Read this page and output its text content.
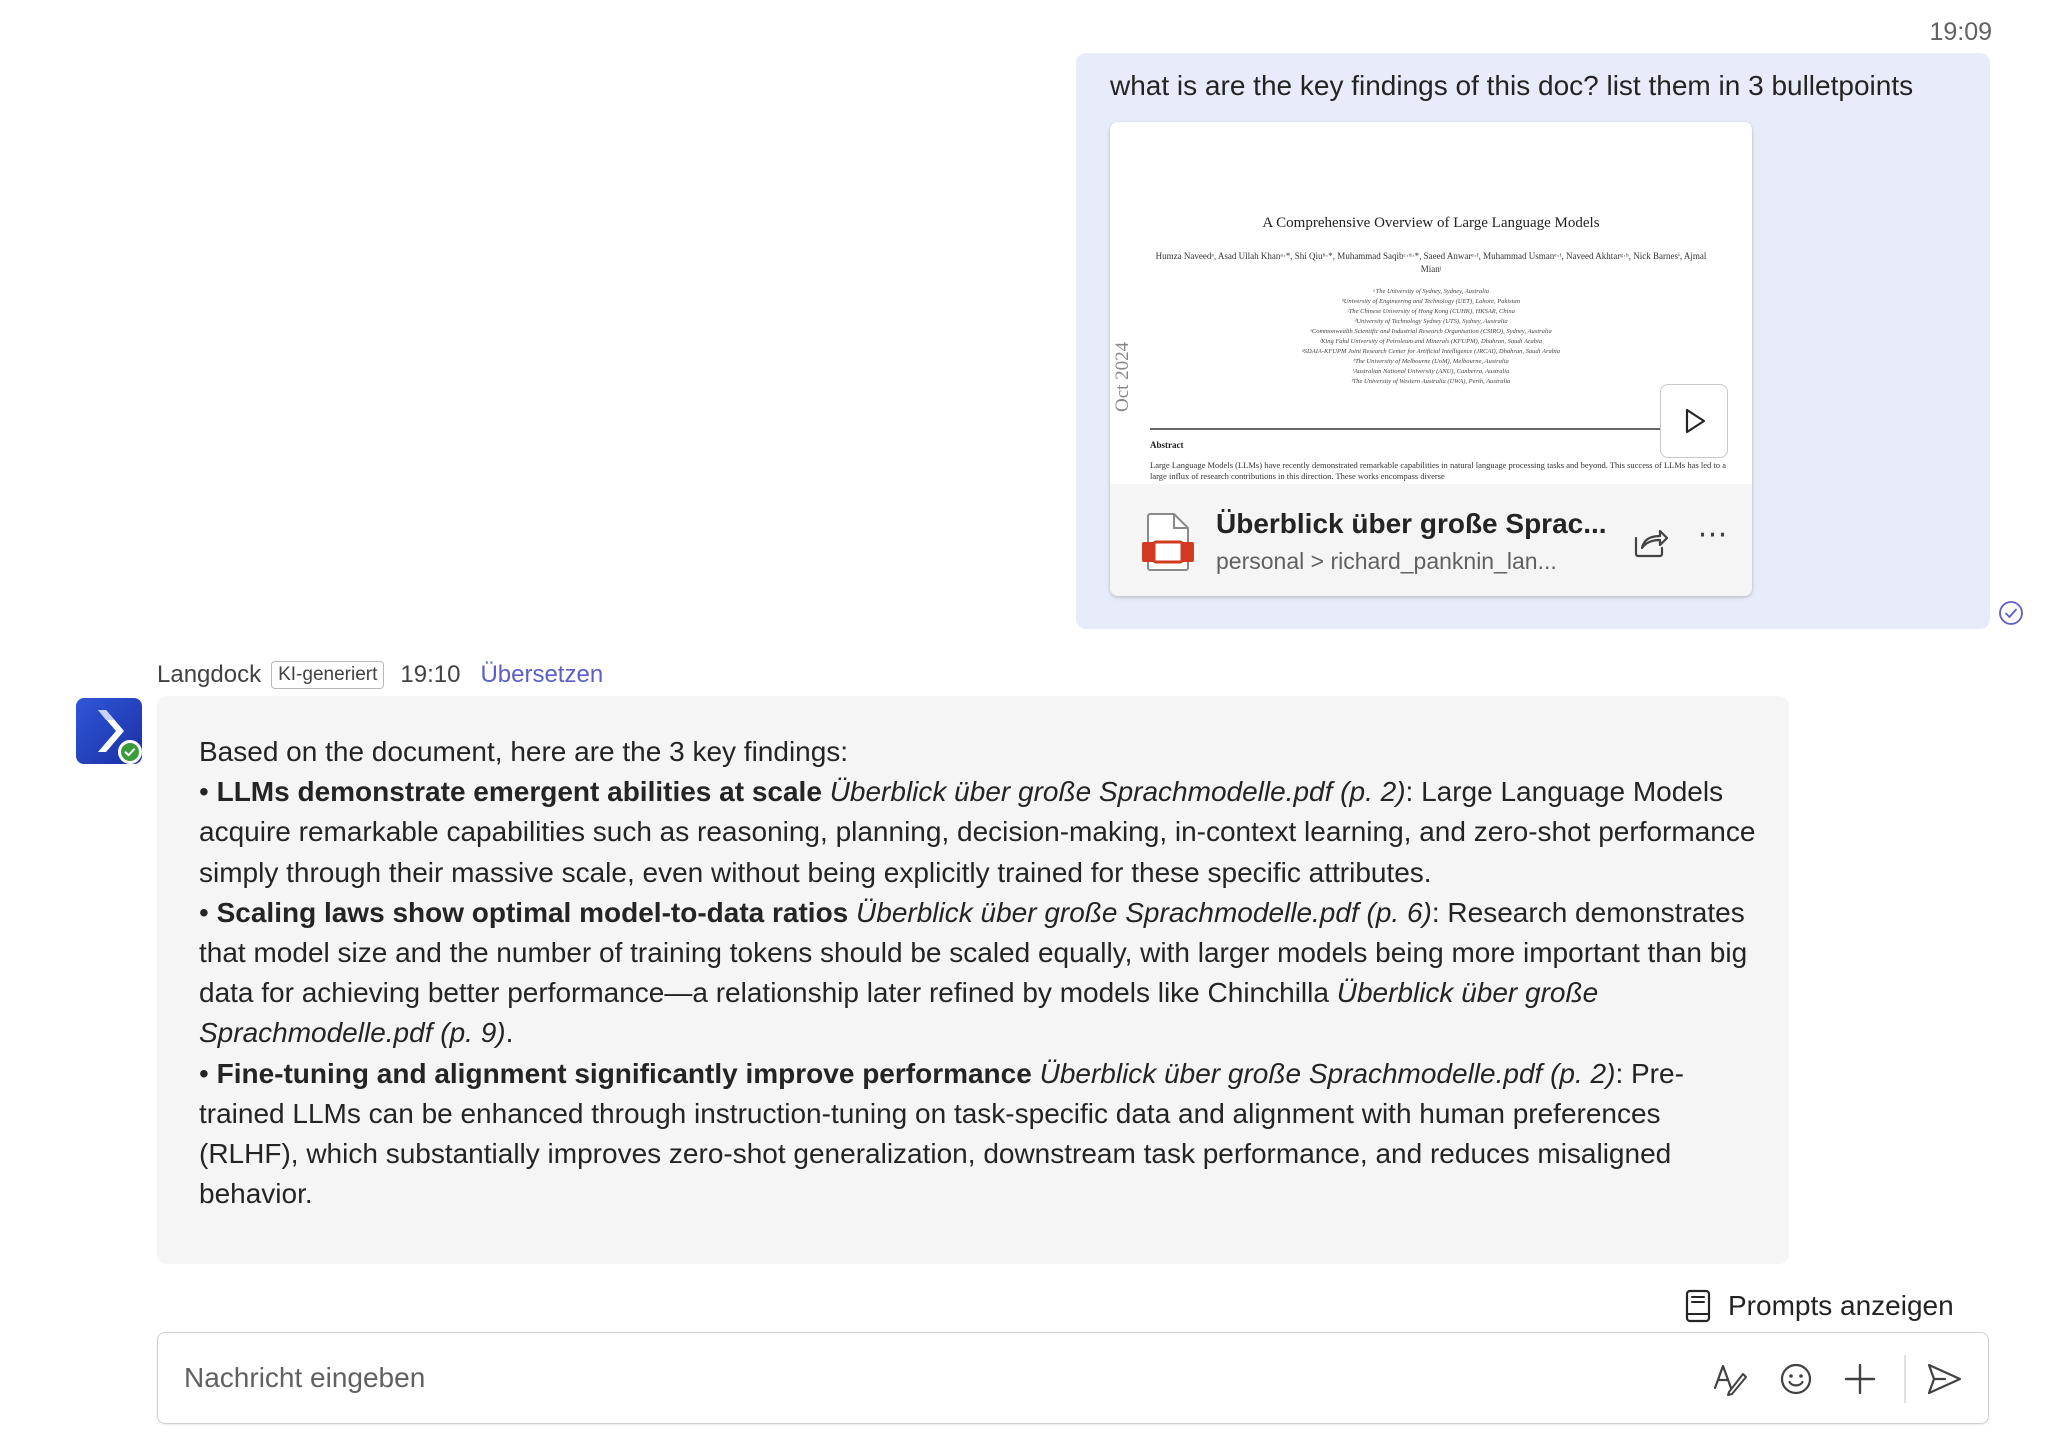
19:09
what is are the key findings of this doc? list them in 3 bulletpoints
A Comprehensive Overview of Large Language Models
Humza Naveedᵃ, Asad Ullah Khanᵃ·*, Shi Qiuᵇ·*, Muhammad Saqibᶜ·ᵈ·*, Saeed Anwarᵉ·ᶠ, Muhammad Usmanᵉ·ᶠ, Naveed Akhtarᵍ·ʰ, Nick Barnesⁱ, Ajmal Mianʲ
ᵃThe University of Sydney, Sydney, Australia
ᵇUniversity of Engineering and Technology (UET), Lahore, Pakistan
ᶜThe Chinese University of Hong Kong (CUHK), HKSAR, China
ᵈUniversity of Technology Sydney (UTS), Sydney, Australia
ᵉCommonwealth Scientific and Industrial Research Organisation (CSIRO), Sydney, Australia
ᶠKing Fahd University of Petroleum and Minerals (KFUPM), Dhahran, Saudi Arabia
ᵍSDAIA-KFUPM Joint Research Center for Artificial Intelligence (JRCAI), Dhahran, Saudi Arabia
ʰThe University of Melbourne (UoM), Melbourne, Australia
ⁱAustralian National University (ANU), Canberra, Australia
ʲThe University of Western Australia (UWA), Perth, Australia
Oct 2024
Abstract
Large Language Models (LLMs) have recently demonstrated remarkable capabilities in natural language processing tasks and beyond. This success of LLMs has led to a large influx of research contributions in this direction. These works encompass diverse
Überblick über große Sprac...
personal > richard_panknin_lan...
⋯
Langdock KI-generiert 19:10 Übersetzen
Based on the document, here are the 3 key findings:
• LLMs demonstrate emergent abilities at scale Überblick über große Sprachmodelle.pdf (p. 2): Large Language Models acquire remarkable capabilities such as reasoning, planning, decision-making, in-context learning, and zero-shot performance simply through their massive scale, even without being explicitly trained for these specific attributes.
• Scaling laws show optimal model-to-data ratios Überblick über große Sprachmodelle.pdf (p. 6): Research demonstrates that model size and the number of training tokens should be scaled equally, with larger models being more important than big data for achieving better performance—a relationship later refined by models like Chinchilla Überblick über große Sprachmodelle.pdf (p. 9).
• Fine-tuning and alignment significantly improve performance Überblick über große Sprachmodelle.pdf (p. 2): Pre-trained LLMs can be enhanced through instruction-tuning on task-specific data and alignment with human preferences (RLHF), which substantially improves zero-shot generalization, downstream task performance, and reduces misaligned behavior.
Prompts anzeigen
Nachricht eingeben
